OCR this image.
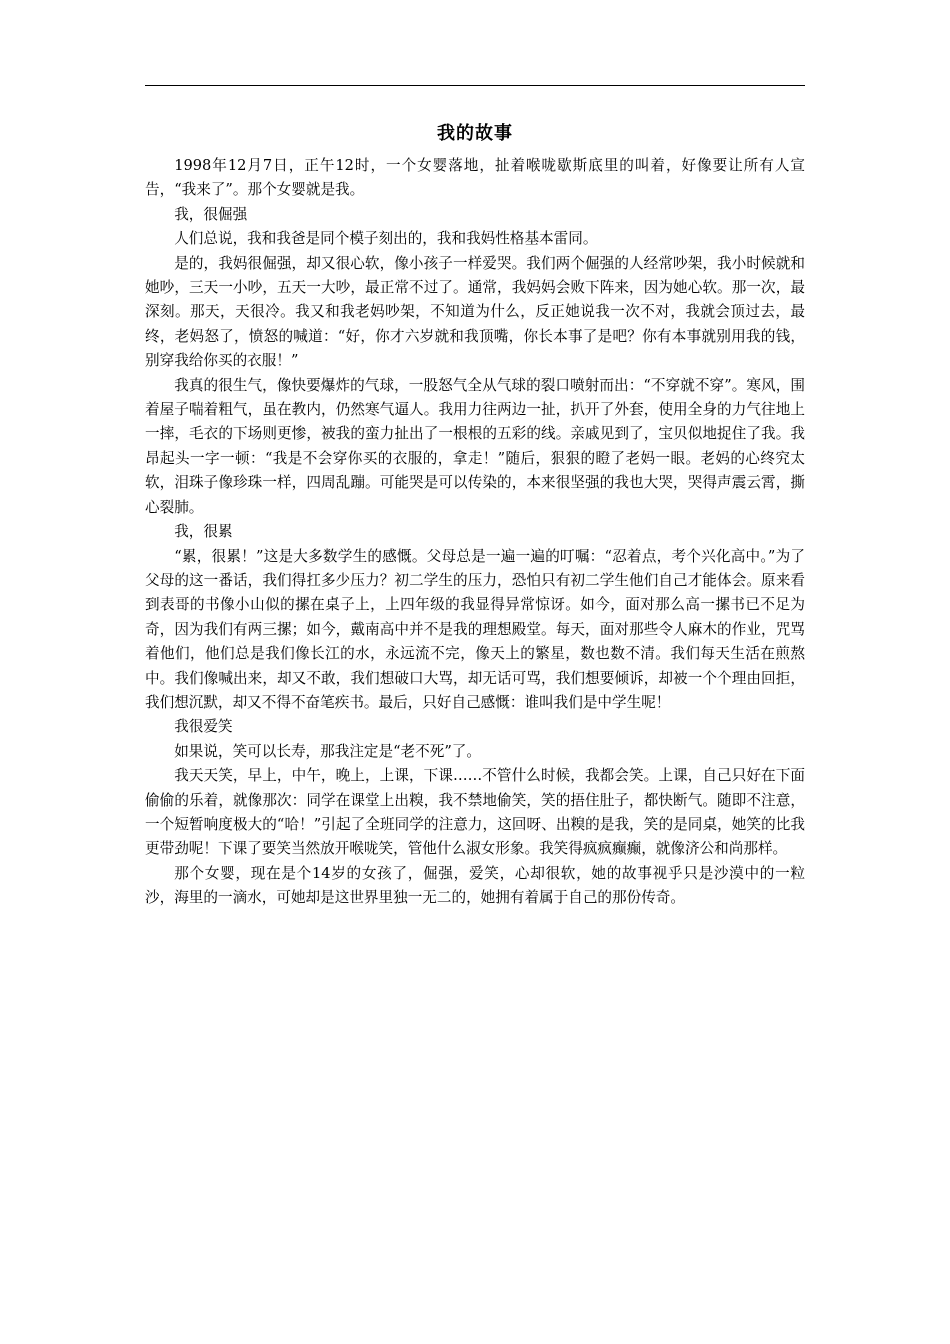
我的故事

1998年12月7日，正午12时，一个女婴落地，扯着喉咙歇斯底里的叫着，好像要让所有人宣告，“我来了”。那个女婴就是我。

我，很倔强

人们总说，我和我爸是同个模子刻出的，我和我妈性格基本雷同。

是的，我妈很倔强，却又很心软，像小孩子一样爱哭。我们两个倔强的人经常吵架，我小时候就和她吵，三天一小吵，五天一大吵，最正常不过了。通常，我妈妈会败下阵来，因为她心软。那一次，最深刻。那天，天很冷。我又和我老妈吵架，不知道为什么，反正她说我一次不对，我就会顶过去，最终，老妈怒了，愤怒的喊道：“好，你才六岁就和我顶嘴，你长本事了是吧？你有本事就别用我的钱，别穿我给你买的衣服！”

我真的很生气，像快要爆炸的气球，一股怒气全从气球的裂口喷射而出：“不穿就不穿”。寒风，围着屋子喘着粗气，虽在教内，仍然寒气逼人。我用力往两边一扯，扒开了外套，使用全身的力气往地上一摔，毛衣的下场则更惨，被我的蛮力扯出了一根根的五彩的线。亲戚见到了，宝贝似地捉住了我。我昂起头一字一顿：“我是不会穿你买的衣服的，拿走！”随后，狠狠的瞪了老妈一眼。老妈的心终究太软，泪珠子像珍珠一样，四周乱蹦。可能哭是可以传染的，本来很坚强的我也大哭，哭得声震云霄，撕心裂肺。

我，很累

“累，很累！”这是大多数学生的感慨。父母总是一遍一遍的叮嘱：“忍着点，考个兴化高中。”为了父母的这一番话，我们得扛多少压力？初二学生的压力，恐怕只有初二学生他们自己才能体会。原来看到表哥的书像小山似的摞在桌子上，上四年级的我显得异常惊讶。如今，面对那么高一摞书已不足为奇，因为我们有两三摞；如今，戴南高中并不是我的理想殿堂。每天，面对那些令人麻木的作业，咒骂着他们，他们总是我们像长江的水，永远流不完，像天上的繁星，数也数不清。我们每天生活在煎熬中。我们像喊出来，却又不敢，我们想破口大骂，却无话可骂，我们想要倾诉，却被一个个理由回拒，我们想沉默，却又不得不奋笔疾书。最后，只好自己感慨：谁叫我们是中学生呢！

我很爱笑

如果说，笑可以长寿，那我注定是“老不死”了。

我天天笑，早上，中午，晚上，上课，下课……不管什么时候，我都会笑。上课，自己只好在下面偷偷的乐着，就像那次：同学在课堂上出糗，我不禁地偷笑，笑的捂住肚子，都快断气。随即不注意，一个短暂响度极大的“哈！”引起了全班同学的注意力，这回呀、出糗的是我，笑的是同桌，她笑的比我更带劲呢！下课了要笑当然放开喉咙笑，管他什么淑女形象。我笑得疯疯癫癫，就像济公和尚那样。

那个女婴，现在是个14岁的女孩了，倔强，爱笑，心却很软，她的故事视乎只是沙漠中的一粒沙，海里的一滴水，可她却是这世界里独一无二的，她拥有着属于自己的那份传奇。
